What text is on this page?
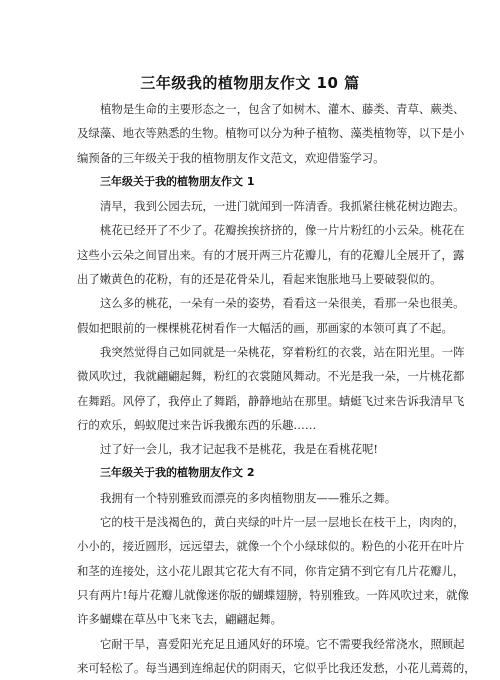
三年级我的植物朋友作文 10 篇
植物是生命的主要形态之一，包含了如树木、灌木、藤类、青草、蕨类、
及绿藻、地衣等熟悉的生物。植物可以分为种子植物、藻类植物等，以下是小
编预备的三年级关于我的植物朋友作文范文，欢迎借鉴学习。
三年级关于我的植物朋友作文 1
清早，我到公园去玩，一进门就闻到一阵清香。我抓紧往桃花树边跑去。
桃花已经开了不少了。花瓣挨挨挤挤的，像一片片粉红的小云朵。桃花在
这些小云朵之间冒出来。有的才展开两三片花瓣儿，有的花瓣儿全展开了，露
出了嫩黄色的花粉，有的还是花骨朵儿，看起来饱胀地马上要破裂似的。
这么多的桃花，一朵有一朵的姿势，看看这一朵很美，看那一朵也很美。
假如把眼前的一棵棵桃花树看作一大幅活的画，那画家的本领可真了不起。
我突然觉得自己如同就是一朵桃花，穿着粉红的衣裳，站在阳光里。一阵
微风吹过，我就翩翩起舞，粉红的衣裳随风舞动。不光是我一朵，一片桃花都
在舞蹈。风停了，我停止了舞蹈，静静地站在那里。蜻蜓飞过来告诉我清早飞
行的欢乐，蚂蚁爬过来告诉我搬东西的乐趣……
过了好一会儿，我才记起我不是桃花，我是在看桃花呢!
三年级关于我的植物朋友作文 2
我拥有一个特别雅致而漂亮的多肉植物朋友——雅乐之舞。
它的枝干是浅褐色的，黄白夹绿的叶片一层一层地长在枝干上，肉肉的，
小小的，接近圆形，远远望去，就像一个个小绿球似的。粉色的小花开在叶片
和茎的连接处，这小花儿跟其它花大有不同，你肯定猜不到它有几片花瓣儿，
只有两片!每片花瓣儿就像迷你版的蝴蝶翅膀，特别雅致。一阵风吹过来，就像
许多蝴蝶在草丛中飞来飞去，翩翩起舞。
它耐干旱，喜爱阳光充足且通风好的环境。它不需要我经常浇水，照顾起
来可轻松了。每当遇到连绵起伏的阴雨天，它似乎比我还发愁，小花儿蔫蔫的，
